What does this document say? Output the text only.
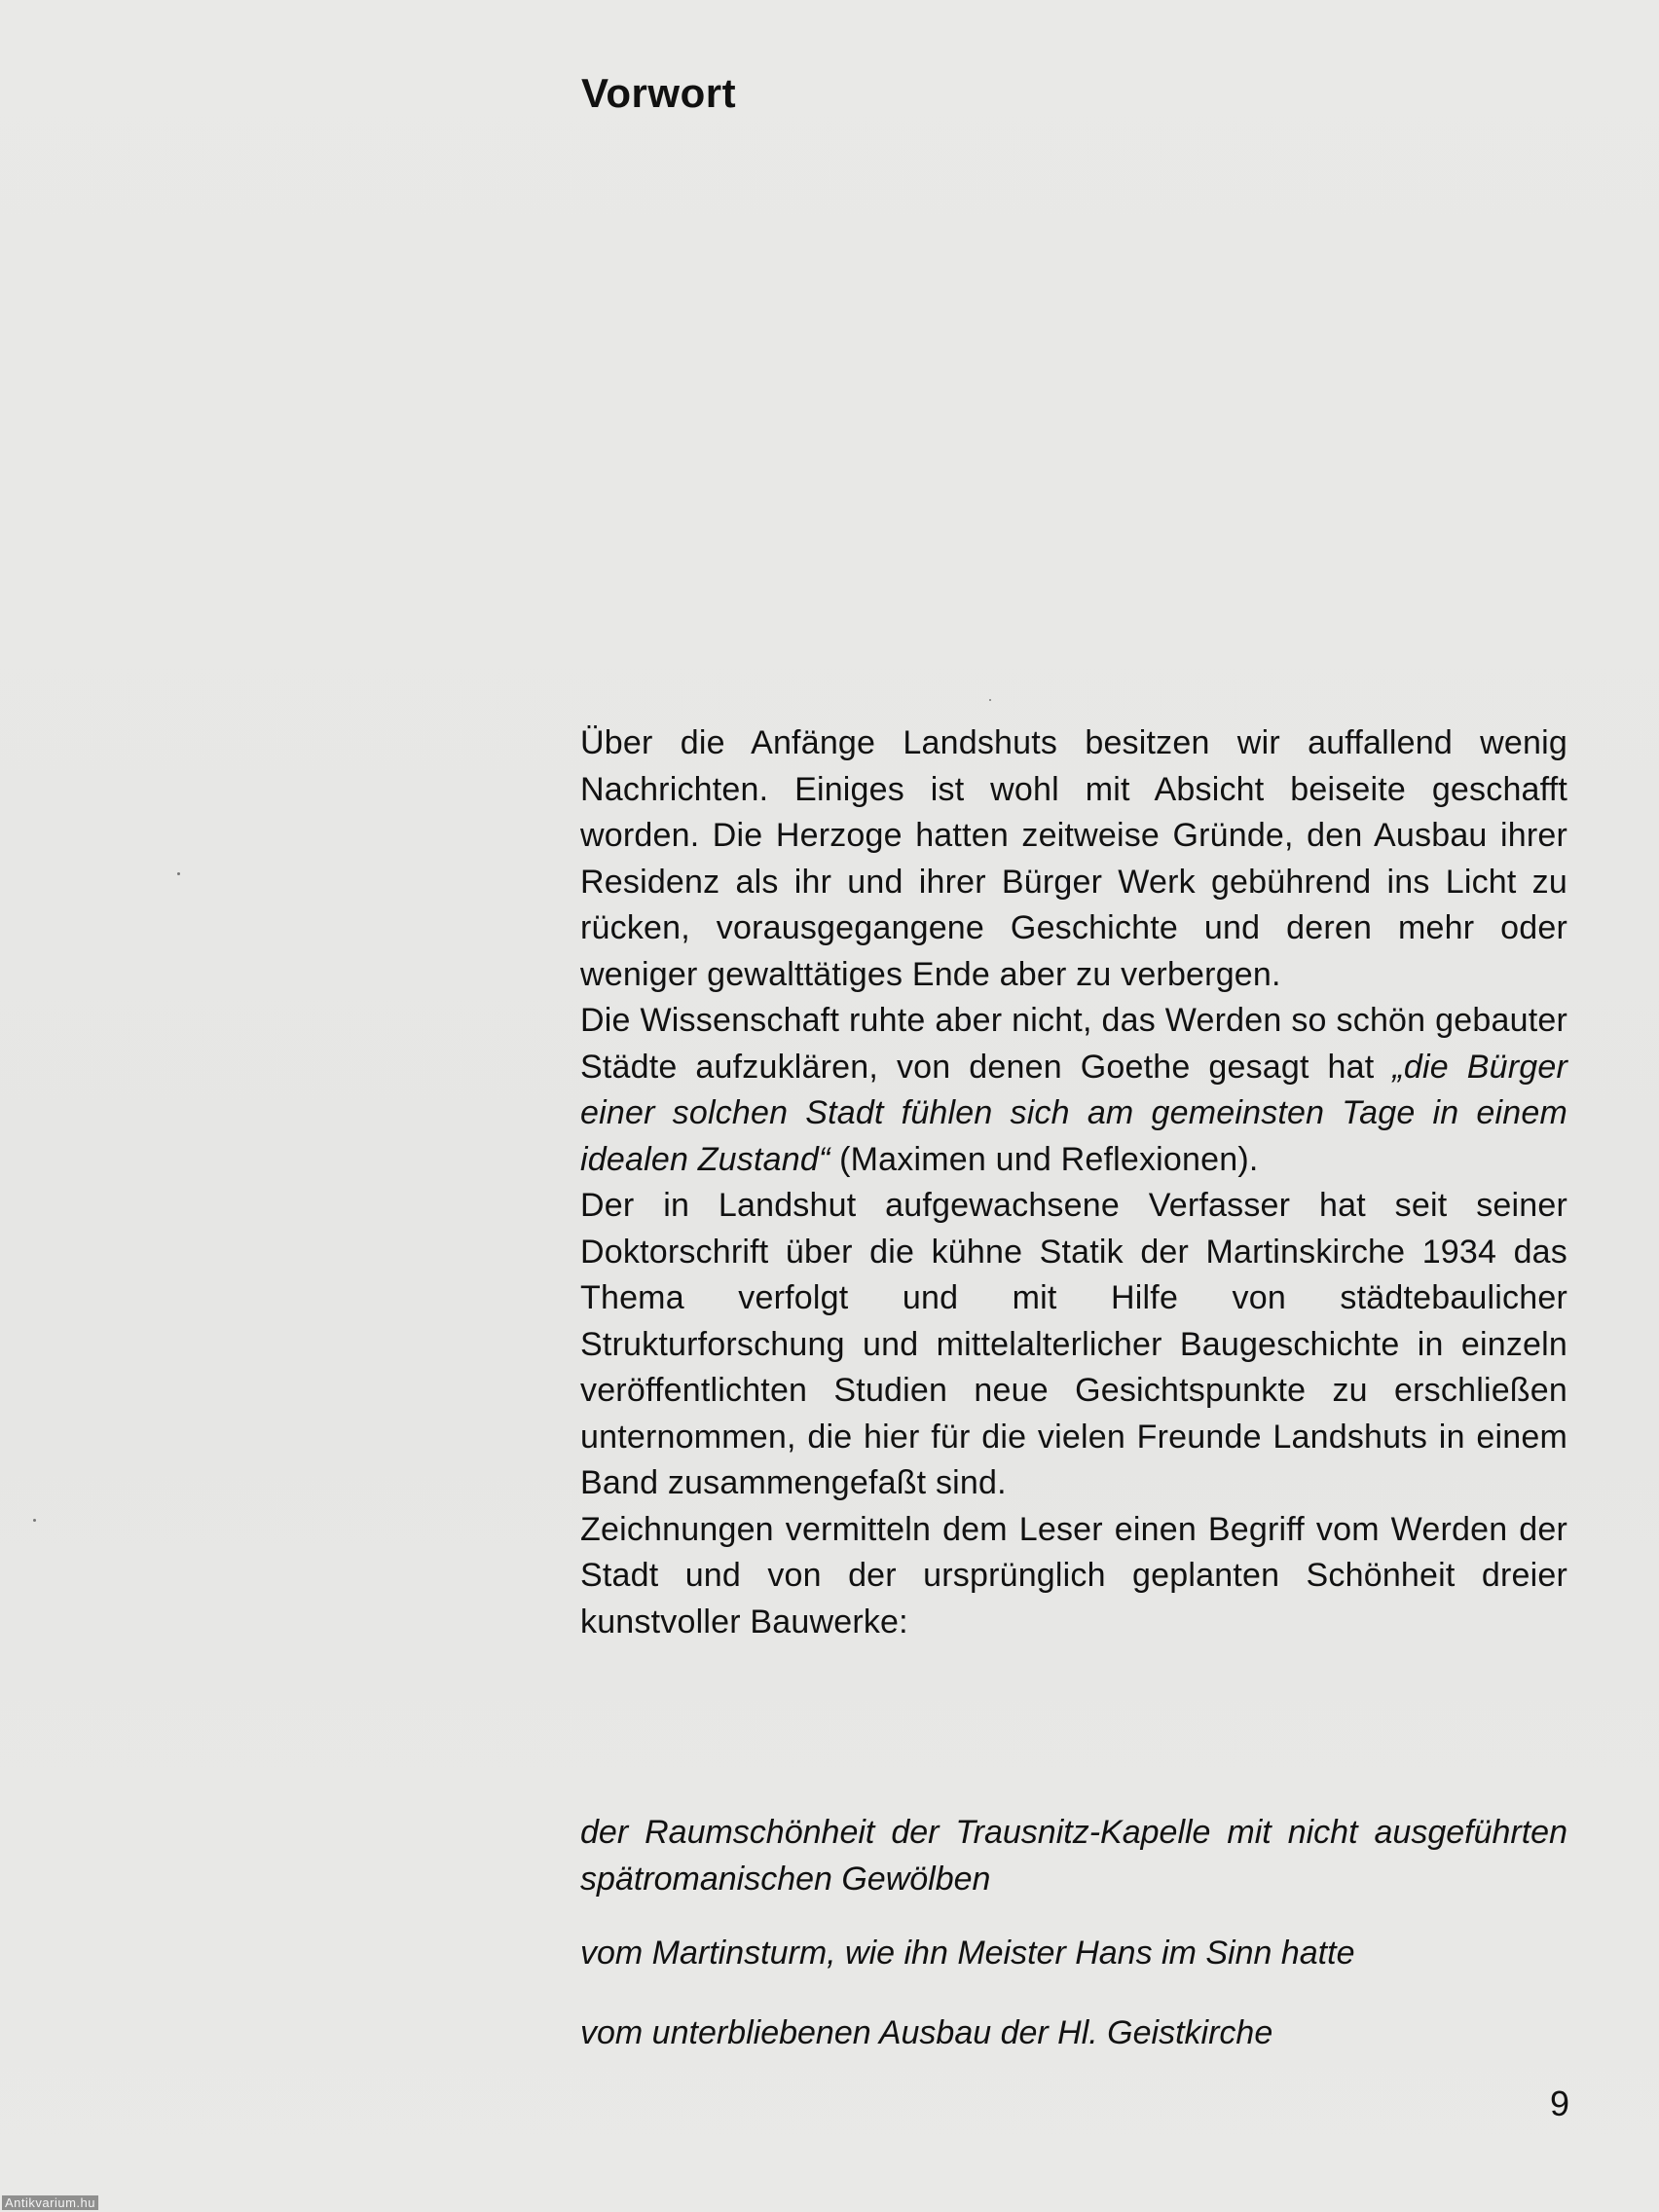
Vorwort

Über die Anfänge Landshuts besitzen wir auffallend wenig Nachrichten. Einiges ist wohl mit Absicht beiseite geschafft worden. Die Herzoge hatten zeitweise Gründe, den Ausbau ihrer Residenz als ihr und ihrer Bürger Werk gebührend ins Licht zu rücken, vorausgegangene Geschichte und deren mehr oder weniger gewalttätiges Ende aber zu verbergen.

Die Wissenschaft ruhte aber nicht, das Werden so schön gebauter Städte aufzuklären, von denen Goethe gesagt hat „die Bürger einer solchen Stadt fühlen sich am gemeinsten Tage in einem idealen Zustand“ (Maximen und Reflexionen).

Der in Landshut aufgewachsene Verfasser hat seit seiner Doktorschrift über die kühne Statik der Martinskirche 1934 das Thema verfolgt und mit Hilfe von städtebaulicher Strukturforschung und mittelalterlicher Baugeschichte in einzeln veröffentlichten Studien neue Gesichtspunkte zu erschließen unternommen, die hier für die vielen Freunde Landshuts in einem Band zusammengefaßt sind.

Zeichnungen vermitteln dem Leser einen Begriff vom Werden der Stadt und von der ursprünglich geplanten Schönheit dreier kunstvoller Bauwerke:

der Raumschönheit der Trausnitz-Kapelle mit nicht ausgeführten spätromanischen Gewölben

vom Martinsturm, wie ihn Meister Hans im Sinn hatte

vom unterbliebenen Ausbau der Hl. Geistkirche

9
Antikvarium.hu
